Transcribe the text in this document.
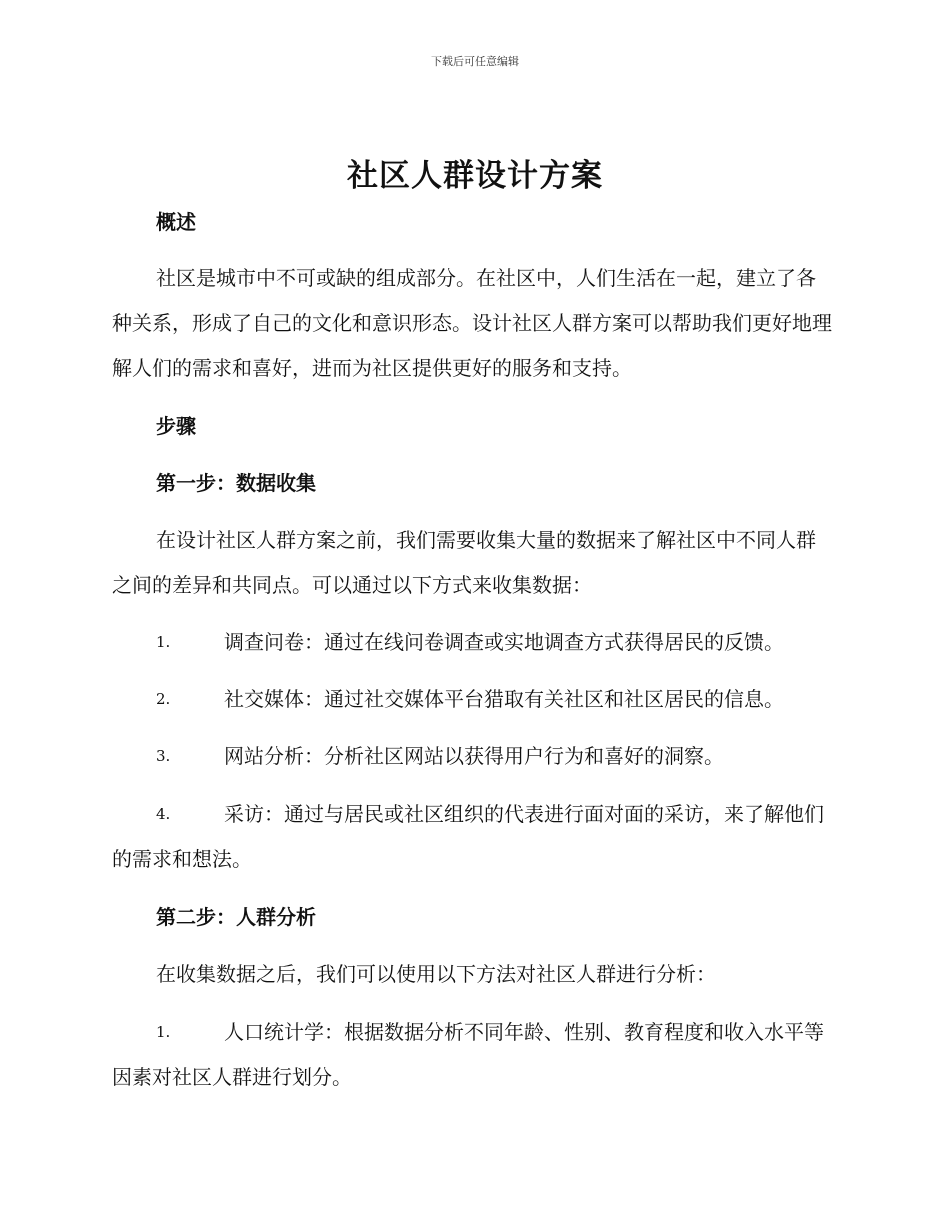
下载后可任意编辑
社区人群设计方案
概述

社区是城市中不可或缺的组成部分。在社区中，人们生活在一起，建立了各种关系，形成了自己的文化和意识形态。设计社区人群方案可以帮助我们更好地理解人们的需求和喜好，进而为社区提供更好的服务和支持。

步骤
第一步：数据收集

在设计社区人群方案之前，我们需要收集大量的数据来了解社区中不同人群之间的差异和共同点。可以通过以下方式来收集数据：

1.	调查问卷：通过在线问卷调查或实地调查方式获得居民的反馈。
2.	社交媒体：通过社交媒体平台猎取有关社区和社区居民的信息。
3.	网站分析：分析社区网站以获得用户行为和喜好的洞察。
4.	采访：通过与居民或社区组织的代表进行面对面的采访，来了解他们的需求和想法。
第二步：人群分析

在收集数据之后，我们可以使用以下方法对社区人群进行分析：

1.	人口统计学：根据数据分析不同年龄、性别、教育程度和收入水平等因素对社区人群进行划分。
